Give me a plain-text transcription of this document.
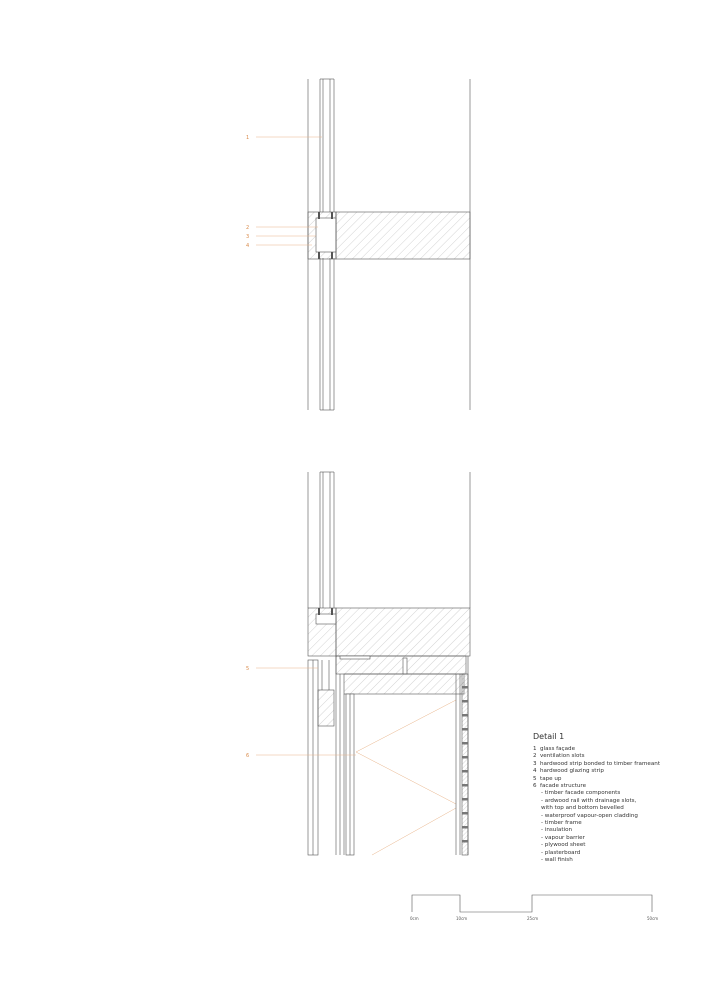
1
2
3
4
5
6
0cm	10cm	25cm	50cm
Detail 1
1 glass façade
2 ventilation slots
3 hardwood strip bonded to timber frameant
4 hardwood glazing strip
5 tape up
6 facade structure
- timber facade components
- ardwood rail with drainage slots,
with top and bottom bevelled
- waterproof vapour-open cladding
- timber frame
- insulation
- vapour barrier
- plywood sheet
- plasterboard
- wall finish
